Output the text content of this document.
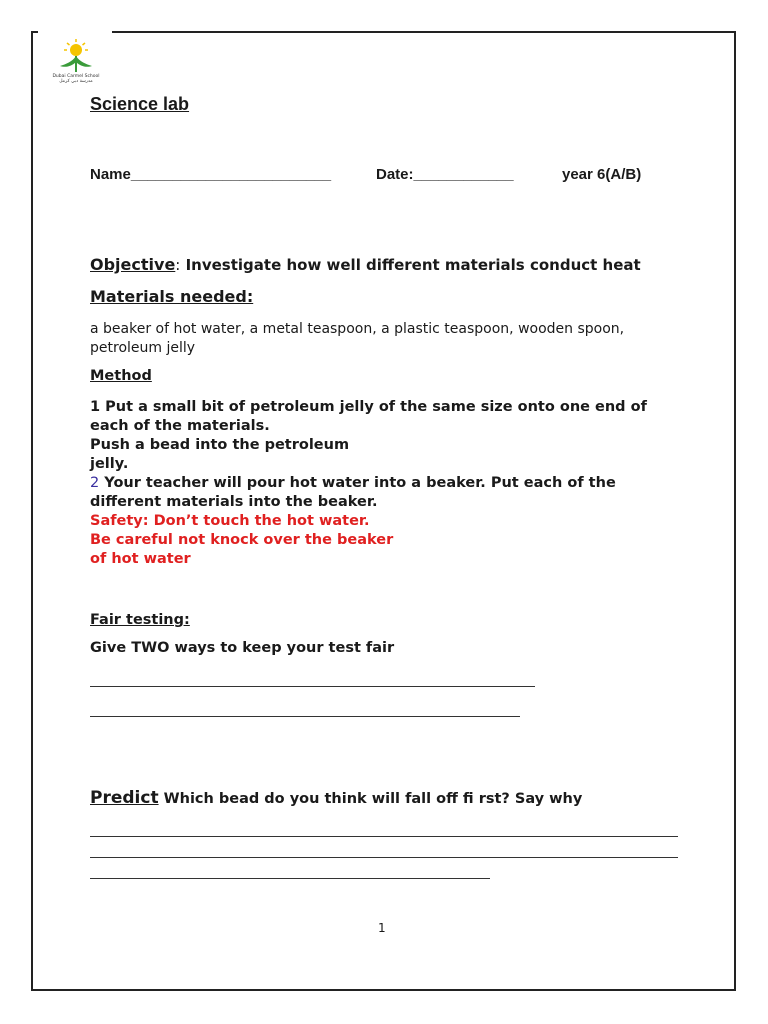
Dubai Carmel School مدرسة دبي كرمل
Science lab
Name________________________	Date:____________	year 6(A/B)
Objective: Investigate how well different materials conduct heat
Materials needed:
a beaker of hot water, a metal teaspoon, a plastic teaspoon, wooden spoon, petroleum jelly
Method
1 Put a small bit of petroleum jelly of the same size onto one end of each of the materials.
Push a bead into the petroleum
jelly.
2 Your teacher will pour hot water into a beaker. Put each of the different materials into the beaker.
Safety: Don’t touch the hot water.
Be careful not knock over the beaker
of hot water
Fair testing:
Give TWO ways to keep your test fair
Predict Which bead do you think will fall off fi rst? Say why
1
